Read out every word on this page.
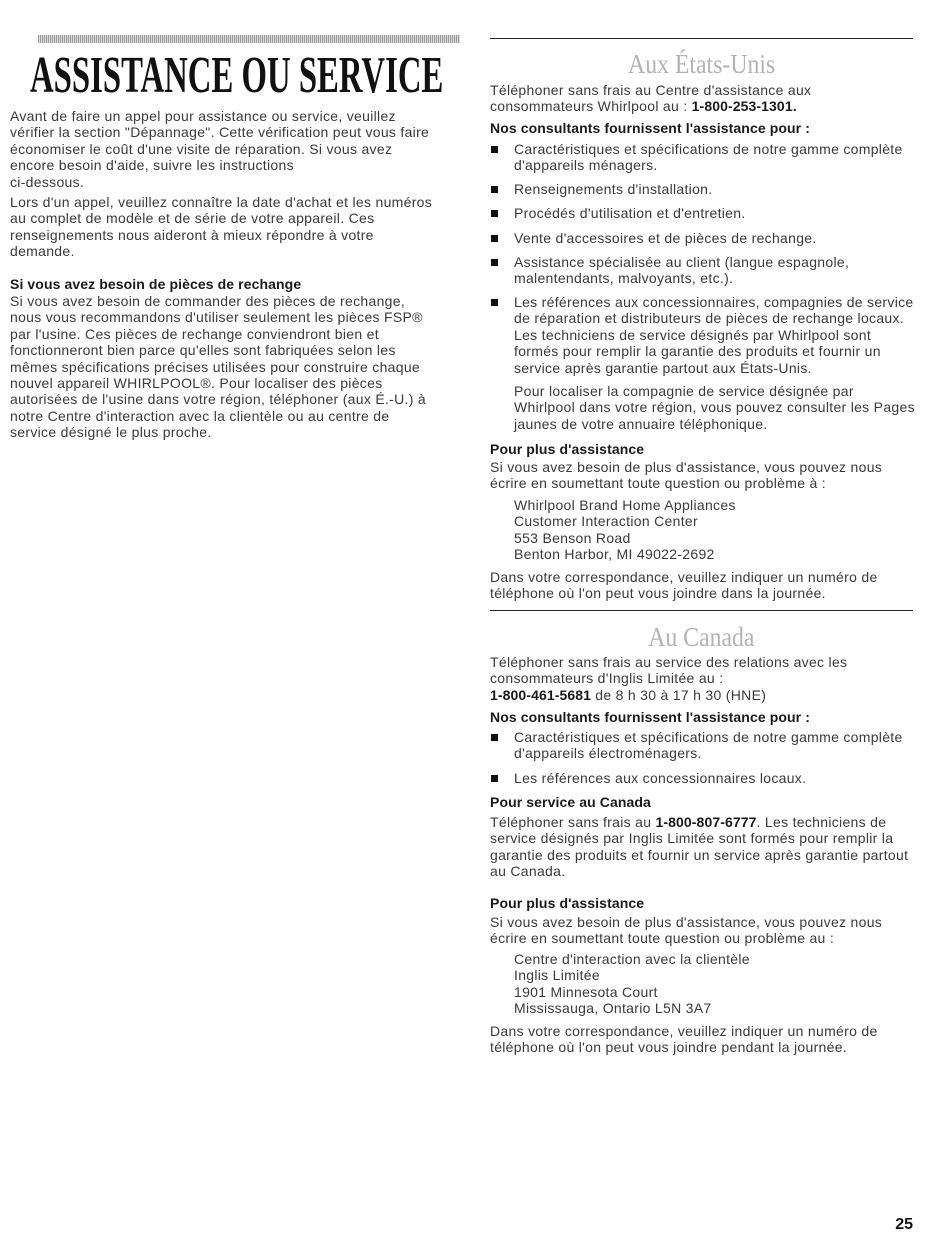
ASSISTANCE OU SERVICE
Avant de faire un appel pour assistance ou service, veuillez
vérifier la section "Dépannage". Cette vérification peut vous faire
économiser le coût d'une visite de réparation. Si vous avez
encore besoin d'aide, suivre les instructions
ci-dessous.
Lors d'un appel, veuillez connaître la date d'achat et les numéros
au complet de modèle et de série de votre appareil. Ces
renseignements nous aideront à mieux répondre à votre
demande.
Si vous avez besoin de pièces de rechange
Si vous avez besoin de commander des pièces de rechange,
nous vous recommandons d'utiliser seulement les pièces FSP®
par l'usine. Ces pièces de rechange conviendront bien et
fonctionneront bien parce qu'elles sont fabriquées selon les
mêmes spécifications précises utilisées pour construire chaque
nouvel appareil WHIRLPOOL®. Pour localiser des pièces
autorisées de l'usine dans votre région, téléphoner (aux É.-U.) à
notre Centre d'interaction avec la clientèle ou au centre de
service désigné le plus proche.
Aux États-Unis
Téléphoner sans frais au Centre d'assistance aux
consommateurs Whirlpool au : 1-800-253-1301.
Nos consultants fournissent l'assistance pour :
Caractéristiques et spécifications de notre gamme complète
d'appareils ménagers.
Renseignements d'installation.
Procédés d'utilisation et d'entretien.
Vente d'accessoires et de pièces de rechange.
Assistance spécialisée au client (langue espagnole,
malentendants, malvoyants, etc.).
Les références aux concessionnaires, compagnies de service
de réparation et distributeurs de pièces de rechange locaux.
Les techniciens de service désignés par Whirlpool sont
formés pour remplir la garantie des produits et fournir un
service après garantie partout aux États-Unis.
Pour localiser la compagnie de service désignée par
Whirlpool dans votre région, vous pouvez consulter les Pages
jaunes de votre annuaire téléphonique.
Pour plus d'assistance
Si vous avez besoin de plus d'assistance, vous pouvez nous
écrire en soumettant toute question ou problème à :
Whirlpool Brand Home Appliances
Customer Interaction Center
553 Benson Road
Benton Harbor, MI 49022-2692
Dans votre correspondance, veuillez indiquer un numéro de
téléphone où l'on peut vous joindre dans la journée.
Au Canada
Téléphoner sans frais au service des relations avec les
consommateurs d'Inglis Limitée au :
1-800-461-5681 de 8 h 30 à 17 h 30 (HNE)
Nos consultants fournissent l'assistance pour :
Caractéristiques et spécifications de notre gamme complète
d'appareils électroménagers.
Les références aux concessionnaires locaux.
Pour service au Canada
Téléphoner sans frais au 1-800-807-6777. Les techniciens de
service désignés par Inglis Limitée sont formés pour remplir la
garantie des produits et fournir un service après garantie partout
au Canada.
Pour plus d'assistance
Si vous avez besoin de plus d'assistance, vous pouvez nous
écrire en soumettant toute question ou problème au :
Centre d'interaction avec la clientèle
Inglis Limitée
1901 Minnesota Court
Mississauga, Ontario L5N 3A7
Dans votre correspondance, veuillez indiquer un numéro de
téléphone où l'on peut vous joindre pendant la journée.
25
